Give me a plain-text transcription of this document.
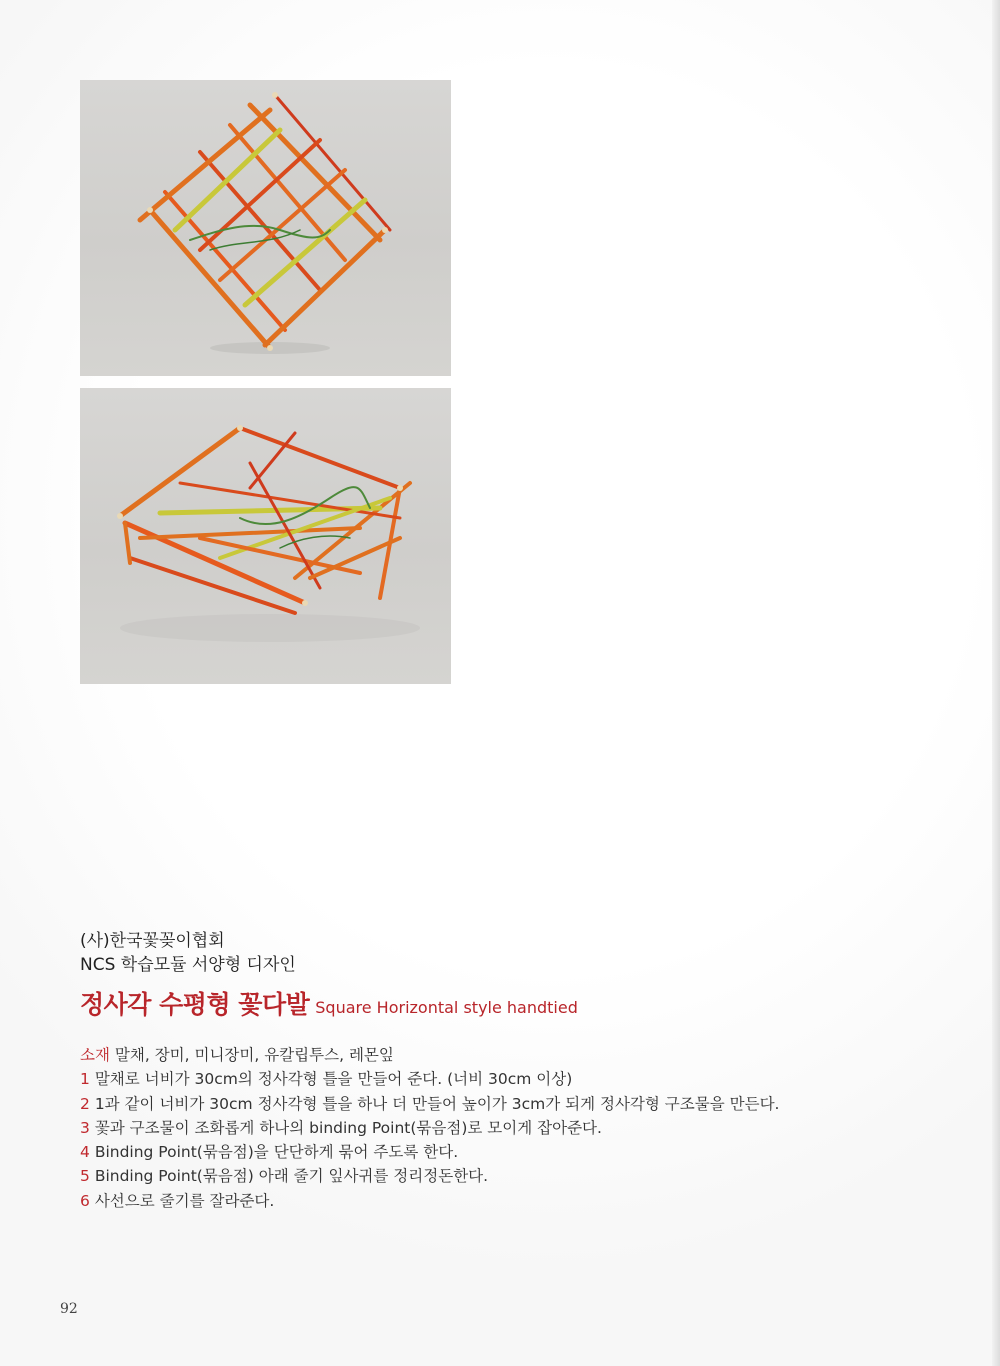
(사)한국꽃꽂이협회
NCS 학습모듈 서양형 디자인
정사각 수평형 꽃다발 Square Horizontal style handtied
소재 말채, 장미, 미니장미, 유칼립투스, 레몬잎
1 말채로 너비가 30cm의 정사각형 틀을 만들어 준다. (너비 30cm 이상)
2 1과 같이 너비가 30cm 정사각형 틀을 하나 더 만들어 높이가 3cm가 되게 정사각형 구조물을 만든다.
3 꽃과 구조물이 조화롭게 하나의 binding Point(묶음점)로 모이게 잡아준다.
4 Binding Point(묶음점)을 단단하게 묶어 주도록 한다.
5 Binding Point(묶음점) 아래 줄기 잎사귀를 정리정돈한다.
6 사선으로 줄기를 잘라준다.
92
